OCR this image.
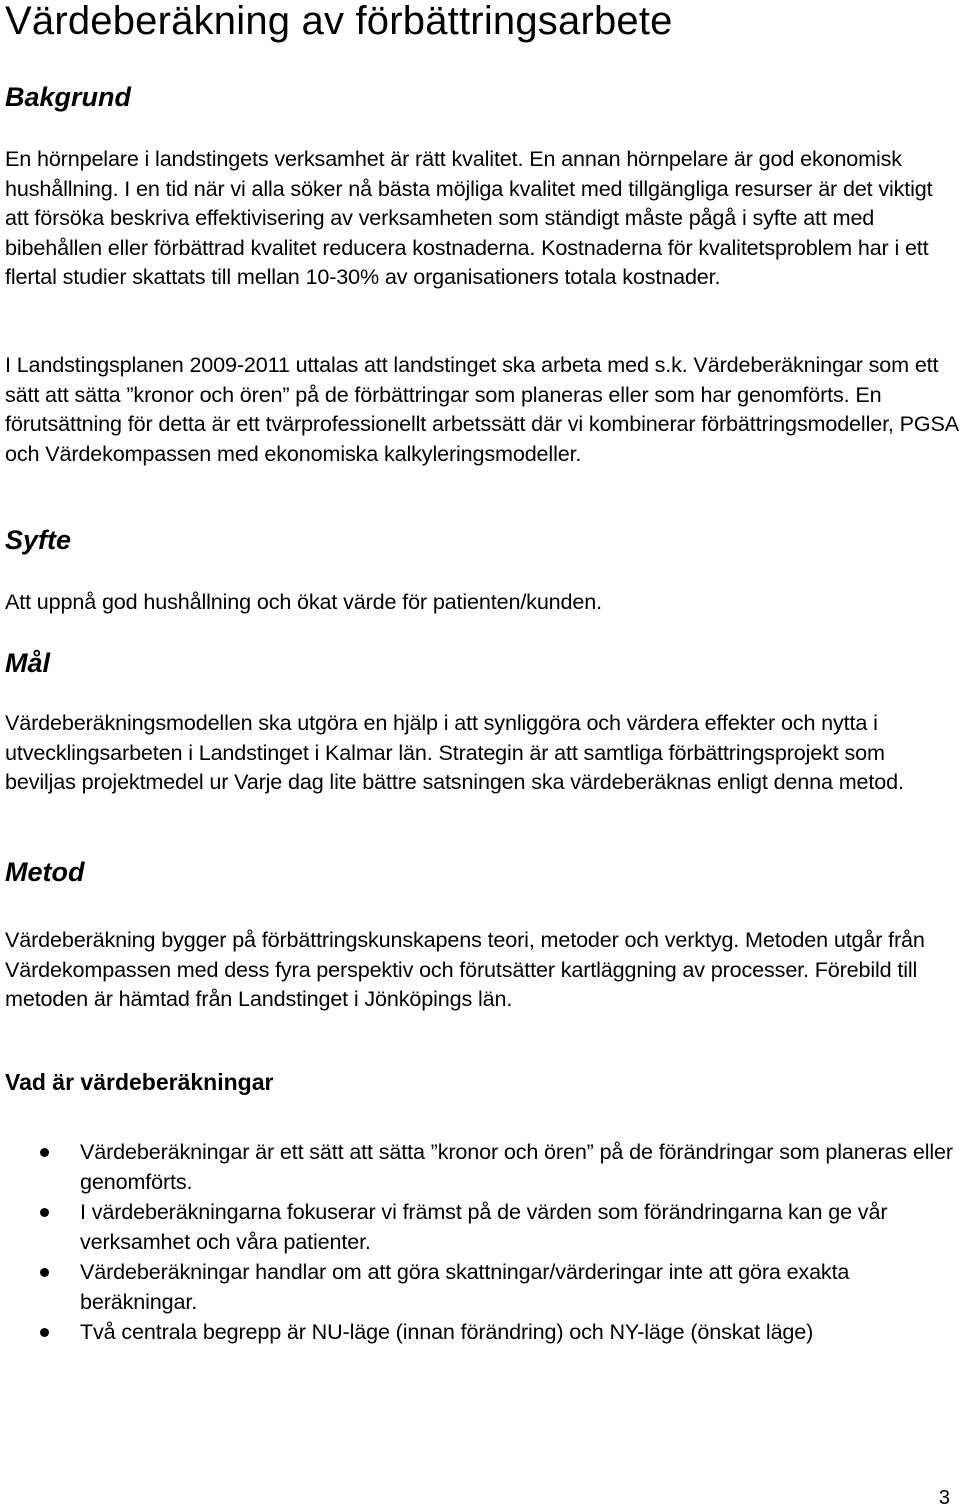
Värdeberäkning av förbättringsarbete
Bakgrund

En hörnpelare i landstingets verksamhet är rätt kvalitet. En annan hörnpelare är god ekonomisk hushållning. I en tid när vi alla söker nå bästa möjliga kvalitet med tillgängliga resurser är det viktigt att försöka beskriva effektivisering av verksamheten som ständigt måste pågå i syfte att med bibehållen eller förbättrad kvalitet reducera kostnaderna. Kostnaderna för kvalitetsproblem har i ett flertal studier skattats till mellan 10-30% av organisationers totala kostnader.

I Landstingsplanen 2009-2011 uttalas att landstinget ska arbeta med s.k. Värdeberäkningar som ett sätt att sätta ”kronor och ören” på de förbättringar som planeras eller som har genomförts. En förutsättning för detta är ett tvärprofessionellt arbetssätt där vi kombinerar förbättringsmodeller, PGSA och Värdekompassen med ekonomiska kalkyleringsmodeller.

Syfte

Att uppnå god hushållning och ökat värde för patienten/kunden.

Mål

Värdeberäkningsmodellen ska utgöra en hjälp i att synliggöra och värdera effekter och nytta i utvecklingsarbeten i Landstinget i Kalmar län. Strategin är att samtliga förbättringsprojekt som beviljas projektmedel ur Varje dag lite bättre satsningen ska värdeberäknas enligt denna metod.

Metod

Värdeberäkning bygger på förbättringskunskapens teori, metoder och verktyg. Metoden utgår från Värdekompassen med dess fyra perspektiv och förutsätter kartläggning av processer. Förebild till metoden är hämtad från Landstinget i Jönköpings län.

Vad är värdeberäkningar
Värdeberäkningar är ett sätt att sätta ”kronor och ören” på de förändringar som planeras eller genomförts.
I värdeberäkningarna fokuserar vi främst på de värden som förändringarna kan ge vår verksamhet och våra patienter.
Värdeberäkningar handlar om att göra skattningar/värderingar inte att göra exakta beräkningar.
Två centrala begrepp är NU-läge (innan förändring) och NY-läge (önskat läge)
3
